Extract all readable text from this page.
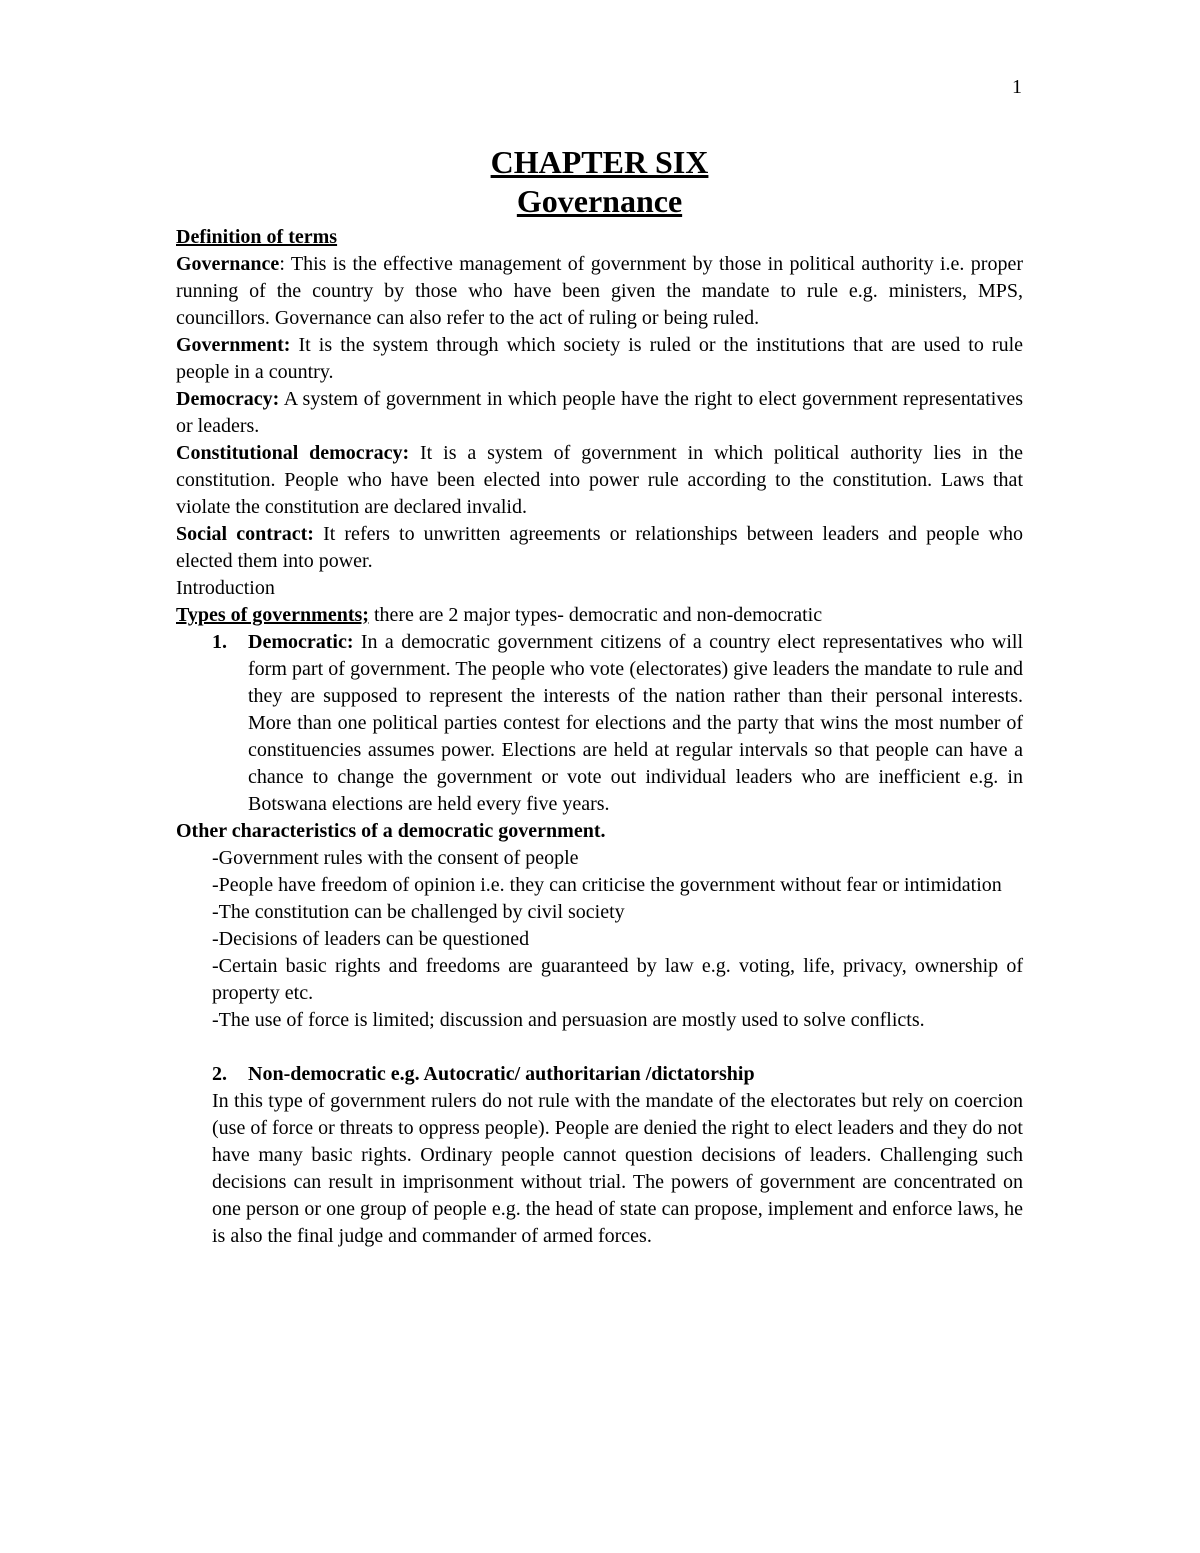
1
CHAPTER SIX
Governance

Definition of terms

Governance: This is the effective management of government by those in political authority i.e. proper running of the country by those who have been given the mandate to rule e.g. ministers, MPS, councillors. Governance can also refer to the act of ruling or being ruled.

Government: It is the system through which society is ruled or the institutions that are used to rule people in a country.

Democracy: A system of government in which people have the right to elect government representatives or leaders.

Constitutional democracy: It is a system of government in which political authority lies in the constitution. People who have been elected into power rule according to the constitution. Laws that violate the constitution are declared invalid.

Social contract: It refers to unwritten agreements or relationships between leaders and people who elected them into power.

Introduction

Types of governments; there are 2 major types- democratic and non-democratic

1.	Democratic: In a democratic government citizens of a country elect representatives who will form part of government. The people who vote (electorates) give leaders the mandate to rule and they are supposed to represent the interests of the nation rather than their personal interests. More than one political parties contest for elections and the party that wins the most number of constituencies assumes power. Elections are held at regular intervals so that people can have a chance to change the government or vote out individual leaders who are inefficient e.g. in Botswana elections are held every five years.

Other characteristics of a democratic government.

-Government rules with the consent of people

-People have freedom of opinion i.e. they can criticise the government without fear or intimidation

-The constitution can be challenged by civil society

-Decisions of leaders can be questioned

-Certain basic rights and freedoms are guaranteed by law e.g. voting, life, privacy, ownership of property etc.

-The use of force is limited; discussion and persuasion are mostly used to solve conflicts.

2.	Non-democratic e.g. Autocratic/ authoritarian /dictatorship

In this type of government rulers do not rule with the mandate of the electorates but rely on coercion (use of force or threats to oppress people). People are denied the right to elect leaders and they do not have many basic rights. Ordinary people cannot question decisions of leaders. Challenging such decisions can result in imprisonment without trial. The powers of government are concentrated on one person or one group of people e.g. the head of state can propose, implement and enforce laws, he is also the final judge and commander of armed forces.
